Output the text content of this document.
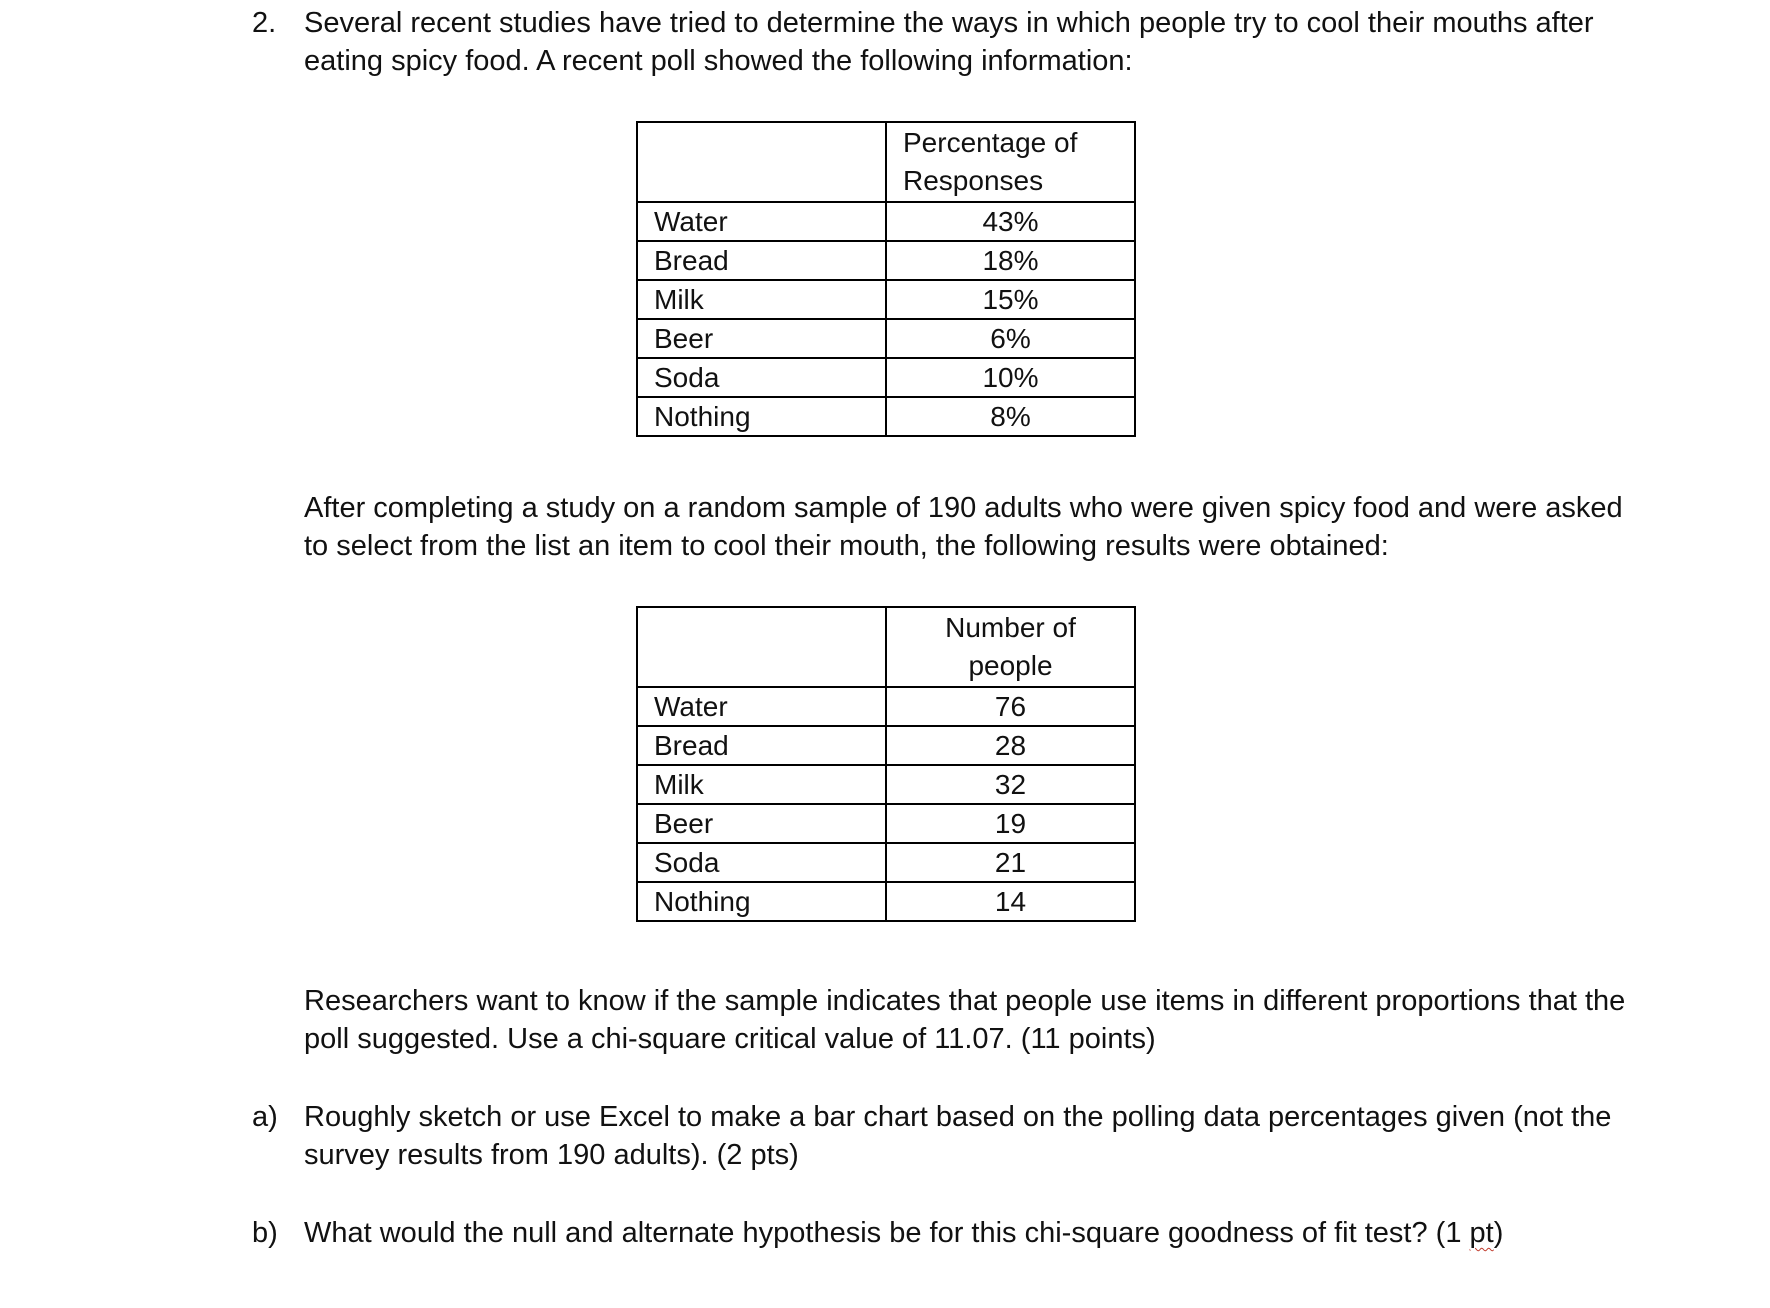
2. Several recent studies have tried to determine the ways in which people try to cool their mouths after eating spicy food. A recent poll showed the following information:
	Percentage of Responses
Water	43%
Bread	18%
Milk	15%
Beer	6%
Soda	10%
Nothing	8%
After completing a study on a random sample of 190 adults who were given spicy food and were asked to select from the list an item to cool their mouth, the following results were obtained:
	Number of people
Water	76
Bread	28
Milk	32
Beer	19
Soda	21
Nothing	14
Researchers want to know if the sample indicates that people use items in different proportions that the poll suggested. Use a chi-square critical value of 11.07. (11 points)
a) Roughly sketch or use Excel to make a bar chart based on the polling data percentages given (not the survey results from 190 adults). (2 pts)
b) What would the null and alternate hypothesis be for this chi-square goodness of fit test? (1 pt)
